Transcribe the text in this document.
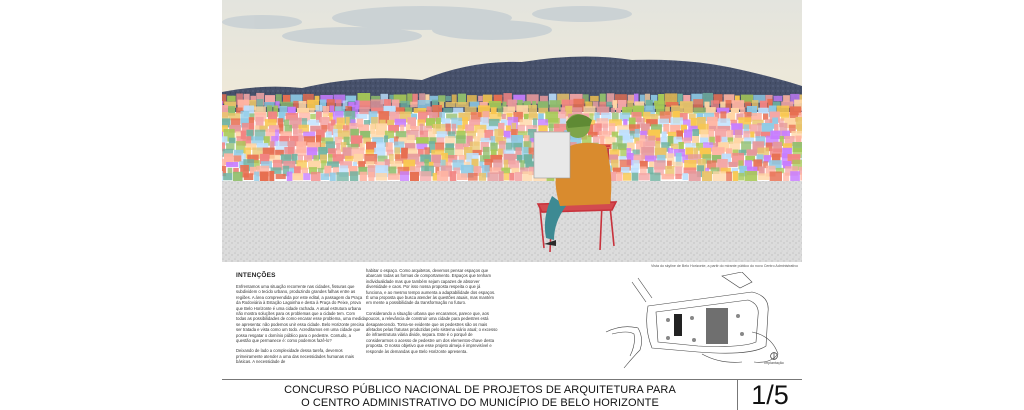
Vista do skyline de Belo Horizonte, a partir do mirante público do novo Centro Administrativo
INTENÇÕES

Enfrentamos uma situação recorrente nas cidades, fissuras que subdividem o tecido urbano, produzindo grandes falhas entre as regiões. A área compreendida por este edital, a passagem da Praça da Rodoviária à Estação Lagoinha e desta à Praça do Peixe, prova que Belo Horizonte é uma cidade rachada. A atual estrutura urbana não mostra soluções para os problemas que a cidade tem. Com todas as possibilidades de como encarar esse problema, uma medida se apresenta: não podemos unir essa cidade. Belo Horizonte precisa ser tratada e vista como um todo. Acreditamos em uma cidade que possa resgatar o domínio público para o pedestre. Contudo, a questão que permanece é: como podemos fazê-lo?

Deixando de lado a complexidade dessa tarefa, devemos primeiramente atender a uma das necessidades humanas mais básicas. A necessidade de

habitar o espaço. Como arquitetos, devemos pensar espaços que abarcam todas as formas de comportamento. Espaços que tenham individualidade mas que também sejam capazes de absorver diversidade e caos. Por isso nossa proposta respeita o que já funciona, e ao mesmo tempo aumenta a adaptabilidade dos espaços. É uma proposta que busca atender às questões atuais, mas mantém em mente a possibilidade da transformação no futuro.

Considerando a situação urbana que encaramos, parece que, aos poucos, a relevância de construir uma cidade para pedestres está desaparecendo. Torna-se evidente que os pedestres são os mais afetados pelas fraturas produzidas pelo sistema viário atual; o excesso de infraestrutura viária divide, separa. Este é o porquê de considerarmos o acesso de pedestre um dos elementos-chave desta proposta. O nosso objetivo que esse projeto almeja é imprevisível e responde às demandas que Belo Horizonte apresenta.

Implantação
CONCURSO PÚBLICO NACIONAL DE PROJETOS DE ARQUITETURA PARA
O CENTRO ADMINISTRATIVO DO MUNICÍPIO DE BELO HORIZONTE	1/5
